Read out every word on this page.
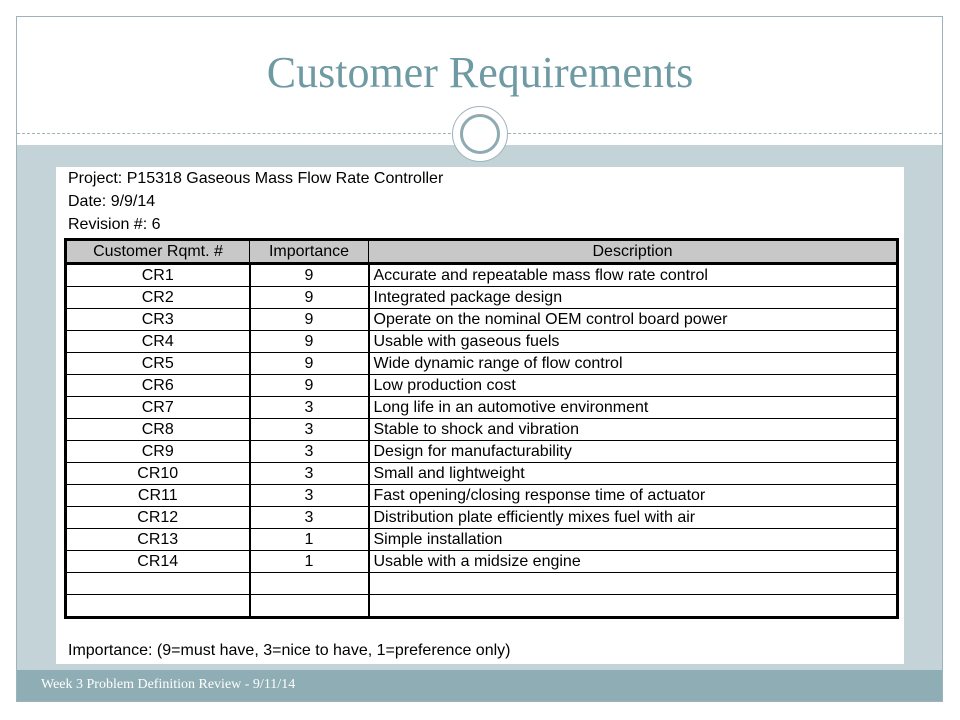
Customer Requirements
Project: P15318 Gaseous Mass Flow Rate Controller
Date: 9/9/14
Revision #: 6
Customer Rqmt. #	Importance	Description
CR1	9	Accurate and repeatable mass flow rate control
CR2	9	Integrated package design
CR3	9	Operate on the nominal OEM control board power
CR4	9	Usable with gaseous fuels
CR5	9	Wide dynamic range of flow control
CR6	9	Low production cost
CR7	3	Long life in an automotive environment
CR8	3	Stable to shock and vibration
CR9	3	Design for manufacturability
CR10	3	Small and lightweight
CR11	3	Fast opening/closing response time of actuator
CR12	3	Distribution plate efficiently mixes fuel with air
CR13	1	Simple installation
CR14	1	Usable with a midsize engine

Importance: (9=must have, 3=nice to have, 1=preference only)
Week 3 Problem Definition Review - 9/11/14
